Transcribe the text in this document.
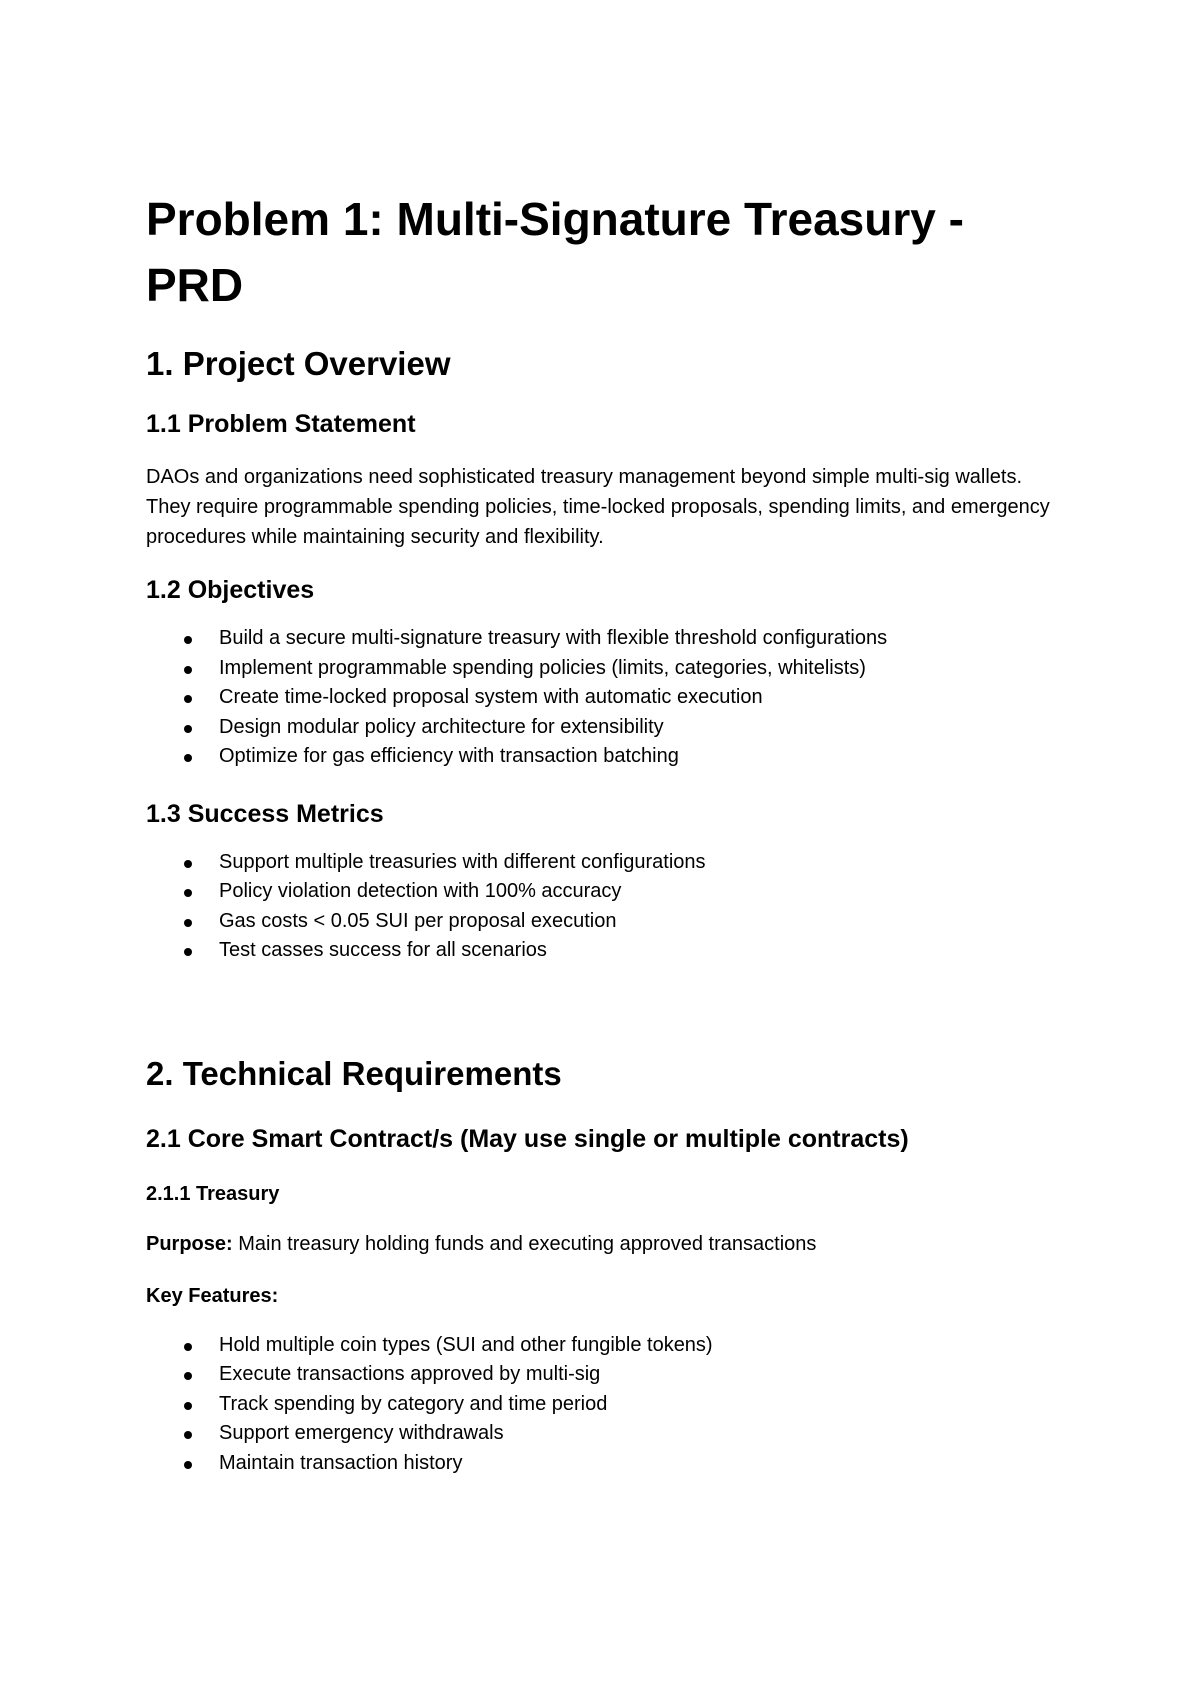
Problem 1: Multi-Signature Treasury - PRD
1. Project Overview
1.1 Problem Statement

DAOs and organizations need sophisticated treasury management beyond simple multi-sig wallets. They require programmable spending policies, time-locked proposals, spending limits, and emergency procedures while maintaining security and flexibility.

1.2 Objectives
Build a secure multi-signature treasury with flexible threshold configurations
Implement programmable spending policies (limits, categories, whitelists)
Create time-locked proposal system with automatic execution
Design modular policy architecture for extensibility
Optimize for gas efficiency with transaction batching
1.3 Success Metrics
Support multiple treasuries with different configurations
Policy violation detection with 100% accuracy
Gas costs < 0.05 SUI per proposal execution
Test casses success for all scenarios
2. Technical Requirements
2.1 Core Smart Contract/s (May use single or multiple contracts)
2.1.1 Treasury

Purpose: Main treasury holding funds and executing approved transactions

Key Features:

Hold multiple coin types (SUI and other fungible tokens)
Execute transactions approved by multi-sig
Track spending by category and time period
Support emergency withdrawals
Maintain transaction history
